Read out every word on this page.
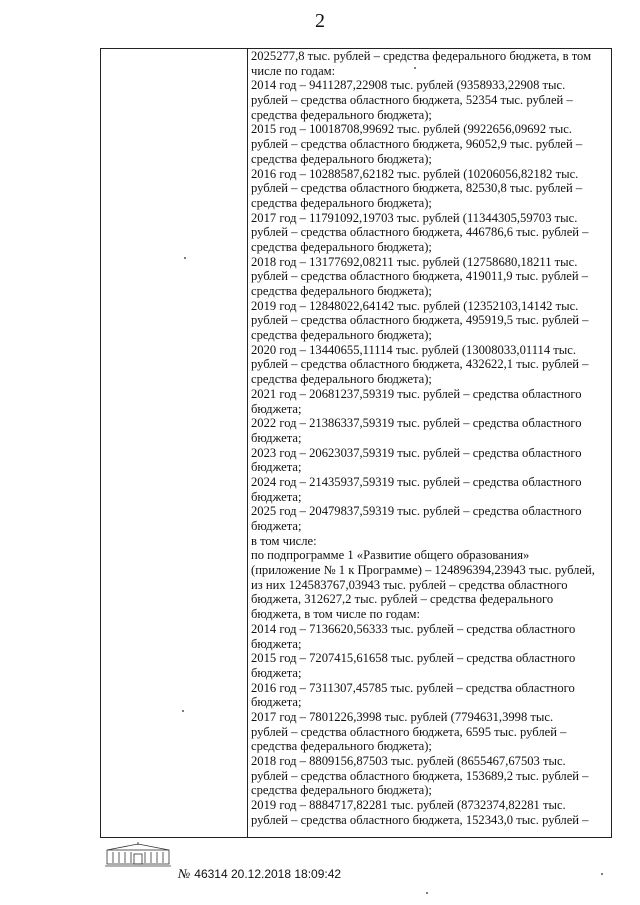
2
2025277,8 тыс. рублей – средства федерального бюджета, в том
числе по годам:
2014 год – 9411287,22908 тыс. рублей (9358933,22908 тыс.
рублей – средства областного бюджета, 52354 тыс. рублей –
средства федерального бюджета);
2015 год – 10018708,99692 тыс. рублей (9922656,09692 тыс.
рублей – средства областного бюджета, 96052,9 тыс. рублей –
средства федерального бюджета);
2016 год – 10288587,62182 тыс. рублей (10206056,82182 тыс.
рублей – средства областного бюджета, 82530,8 тыс. рублей –
средства федерального бюджета);
2017 год – 11791092,19703 тыс. рублей (11344305,59703 тыс.
рублей – средства областного бюджета, 446786,6 тыс. рублей –
средства федерального бюджета);
2018 год – 13177692,08211 тыс. рублей (12758680,18211 тыс.
рублей – средства областного бюджета, 419011,9 тыс. рублей –
средства федерального бюджета);
2019 год – 12848022,64142 тыс. рублей (12352103,14142 тыс.
рублей – средства областного бюджета, 495919,5 тыс. рублей –
средства федерального бюджета);
2020 год – 13440655,11114 тыс. рублей (13008033,01114 тыс.
рублей – средства областного бюджета, 432622,1 тыс. рублей –
средства федерального бюджета);
2021 год – 20681237,59319 тыс. рублей – средства областного
бюджета;
2022 год – 21386337,59319 тыс. рублей – средства областного
бюджета;
2023 год – 20623037,59319 тыс. рублей – средства областного
бюджета;
2024 год – 21435937,59319 тыс. рублей – средства областного
бюджета;
2025 год – 20479837,59319 тыс. рублей – средства областного
бюджета;
в том числе:
по подпрограмме 1 «Развитие общего образования»
(приложение № 1 к Программе) – 124896394,23943 тыс. рублей,
из них 124583767,03943 тыс. рублей – средства областного
бюджета, 312627,2 тыс. рублей – средства федерального
бюджета, в том числе по годам:
2014 год – 7136620,56333 тыс. рублей – средства областного
бюджета;
2015 год – 7207415,61658 тыс. рублей – средства областного
бюджета;
2016 год – 7311307,45785 тыс. рублей – средства областного
бюджета;
2017 год – 7801226,3998 тыс. рублей (7794631,3998 тыс.
рублей – средства областного бюджета, 6595 тыс. рублей –
средства федерального бюджета);
2018 год – 8809156,87503 тыс. рублей (8655467,67503 тыс.
рублей – средства областного бюджета, 153689,2 тыс. рублей –
средства федерального бюджета);
2019 год – 8884717,82281 тыс. рублей (8732374,82281 тыс.
рублей – средства областного бюджета, 152343,0 тыс. рублей –
№ 46314 20.12.2018 18:09:42
